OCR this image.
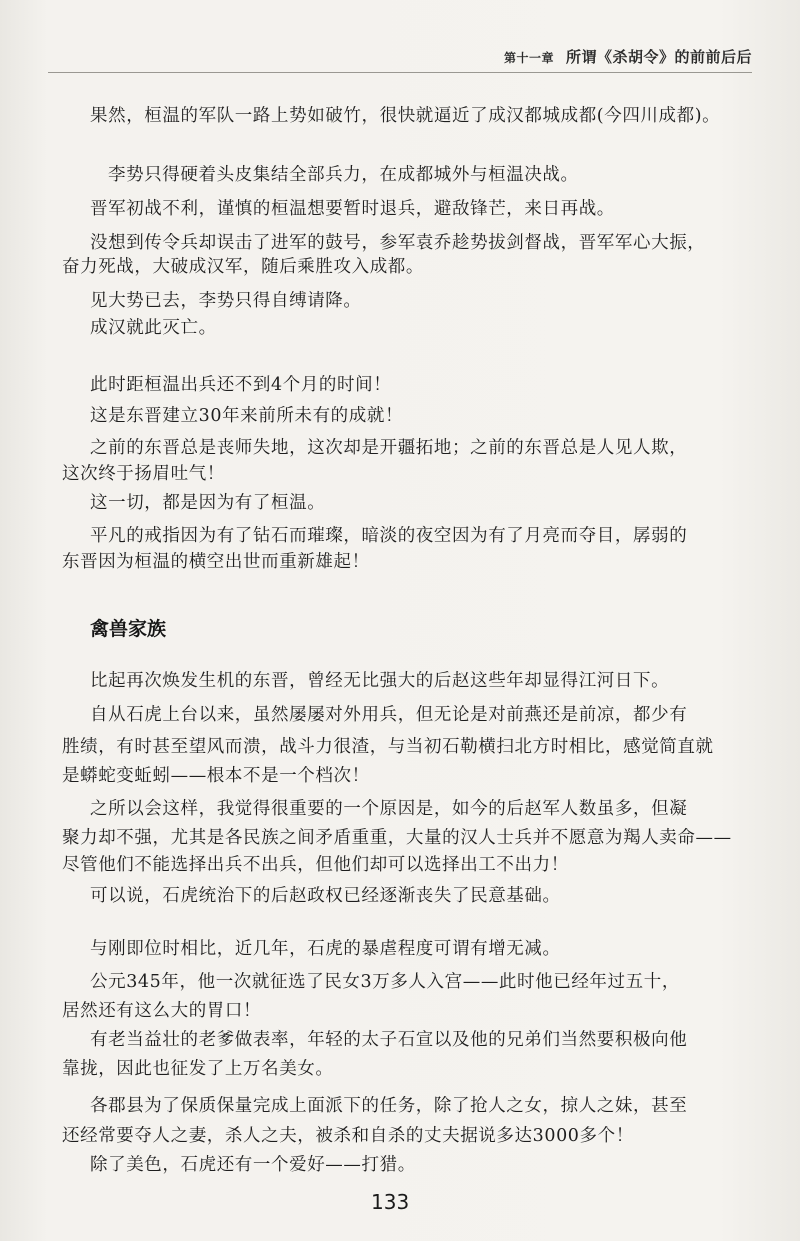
第十一章 所谓《杀胡令》的前前后后
果然，桓温的军队一路上势如破竹，很快就逼近了成汉都城成都(今四川成都)。
李势只得硬着头皮集结全部兵力，在成都城外与桓温决战。
晋军初战不利，谨慎的桓温想要暂时退兵，避敌锋芒，来日再战。
没想到传令兵却误击了进军的鼓号，参军袁乔趁势拔剑督战，晋军军心大振，
奋力死战，大破成汉军，随后乘胜攻入成都。
见大势已去，李势只得自缚请降。
成汉就此灭亡。
此时距桓温出兵还不到4个月的时间！
这是东晋建立30年来前所未有的成就！
之前的东晋总是丧师失地，这次却是开疆拓地；之前的东晋总是人见人欺，
这次终于扬眉吐气！
这一切，都是因为有了桓温。
平凡的戒指因为有了钻石而璀璨，暗淡的夜空因为有了月亮而夺目，孱弱的
东晋因为桓温的横空出世而重新雄起！
禽兽家族
比起再次焕发生机的东晋，曾经无比强大的后赵这些年却显得江河日下。
自从石虎上台以来，虽然屡屡对外用兵，但无论是对前燕还是前凉，都少有
胜绩，有时甚至望风而溃，战斗力很渣，与当初石勒横扫北方时相比，感觉简直就
是蟒蛇变蚯蚓——根本不是一个档次！
之所以会这样，我觉得很重要的一个原因是，如今的后赵军人数虽多，但凝
聚力却不强，尤其是各民族之间矛盾重重，大量的汉人士兵并不愿意为羯人卖命——
尽管他们不能选择出兵不出兵，但他们却可以选择出工不出力！
可以说，石虎统治下的后赵政权已经逐渐丧失了民意基础。
与刚即位时相比，近几年，石虎的暴虐程度可谓有增无减。
公元345年，他一次就征选了民女3万多人入宫——此时他已经年过五十，
居然还有这么大的胃口！
有老当益壮的老爹做表率，年轻的太子石宣以及他的兄弟们当然要积极向他
靠拢，因此也征发了上万名美女。
各郡县为了保质保量完成上面派下的任务，除了抢人之女，掠人之妹，甚至
还经常要夺人之妻，杀人之夫，被杀和自杀的丈夫据说多达3000多个！
除了美色，石虎还有一个爱好——打猎。
133
